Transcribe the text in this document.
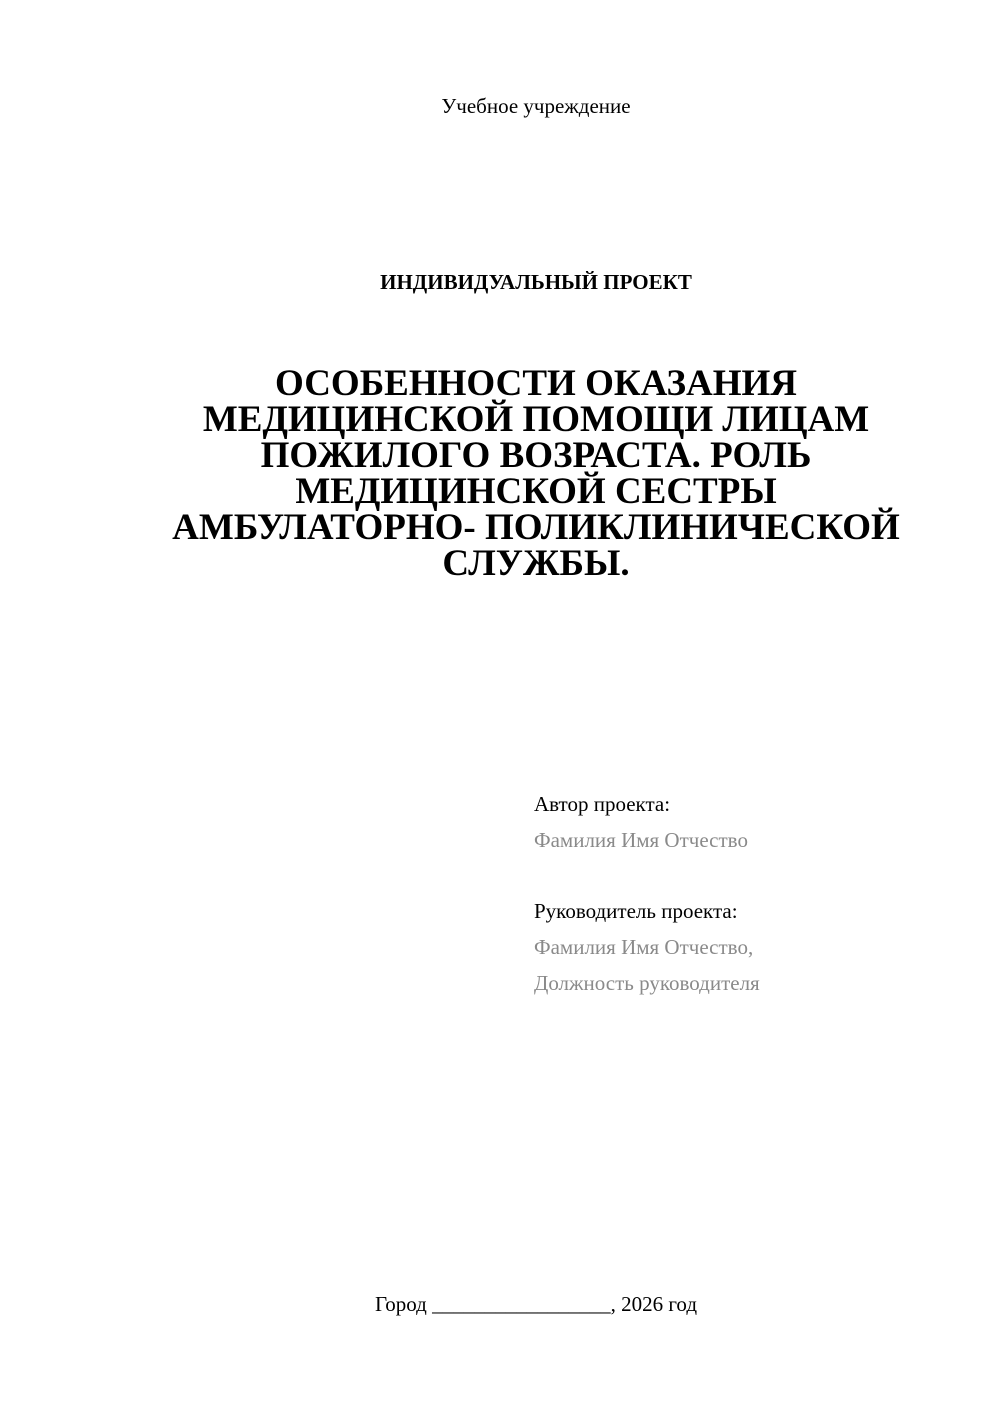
Учебное учреждение
ИНДИВИДУАЛЬНЫЙ ПРОЕКТ
ОСОБЕННОСТИ ОКАЗАНИЯ
МЕДИЦИНСКОЙ ПОМОЩИ ЛИЦАМ
ПОЖИЛОГО ВОЗРАСТА. РОЛЬ
МЕДИЦИНСКОЙ СЕСТРЫ
АМБУЛАТОРНО- ПОЛИКЛИНИЧЕСКОЙ
СЛУЖБЫ.
Автор проекта:
Фамилия Имя Отчество
Руководитель проекта:
Фамилия Имя Отчество,
Должность руководителя
Город _________________, 2026 год
